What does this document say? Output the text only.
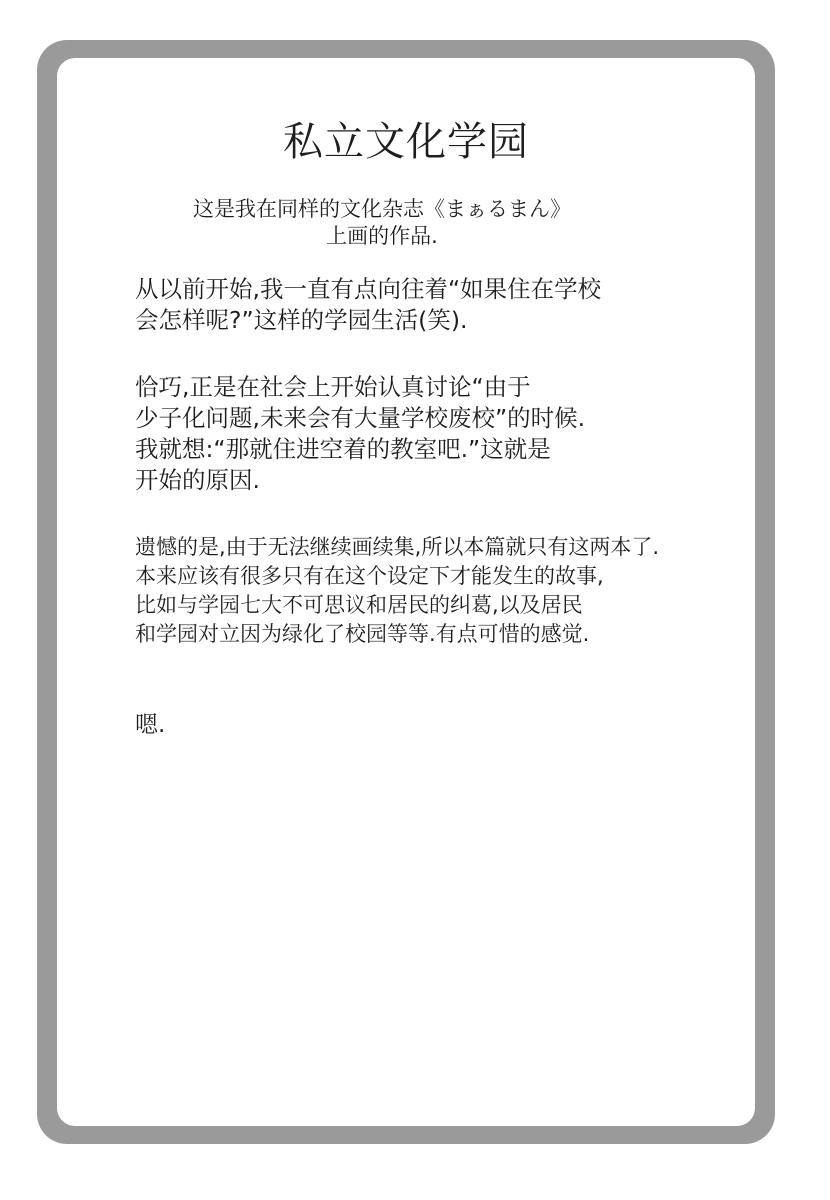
私立文化学园

这是我在同样的文化杂志《まぁるまん》
上画的作品.

从以前开始,我一直有点向往着“如果住在学校
会怎样呢?”这样的学园生活(笑).

恰巧,正是在社会上开始认真讨论“由于
少子化问题,未来会有大量学校废校”的时候.
我就想:“那就住进空着的教室吧.”这就是
开始的原因.

遗憾的是,由于无法继续画续集,所以本篇就只有这两本了.
本来应该有很多只有在这个设定下才能发生的故事,
比如与学园七大不可思议和居民的纠葛,以及居民
和学园对立因为绿化了校园等等.有点可惜的感觉.

嗯.
